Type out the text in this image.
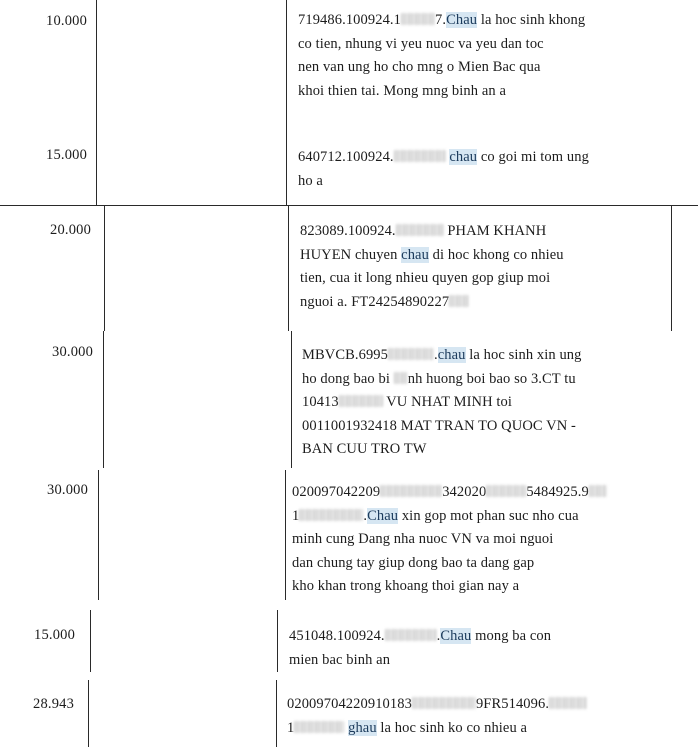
10.000	719486.100924.1 7.Chau la hoc sinh khong
co tien, nhung vi yeu nuoc va yeu dan toc
nen van ung ho cho mng o Mien Bac qua
khoi thien tai. Mong mng binh an a
15.000	640712.100924.	chau co goi mi tom ung
ho a
20.000	823089.100924.	PHAM KHANH
HUYEN chuyen chau di hoc khong co nhieu
tien, cua it long nhieu quyen gop giup moi
nguoi a. FT24254890227
30.000	MBVCB.6995	.chau la hoc sinh xin ung
ho dong bao bi nh huong boi bao so 3.CT tu
10413	VU NHAT MINH toi
0011001932418 MAT TRAN TO QUOC VN -
BAN CUU TRO TW
30.000	020097042209	342020	5484925.9
1	.Chau xin gop mot phan suc nho cua
minh cung Dang nha nuoc VN va moi nguoi
dan chung tay giup dong bao ta dang gap
kho khan trong khoang thoi gian nay a
15.000	451048.100924.	.Chau mong ba con
mien bac binh an
28.943	02009704220910183	9FR514096.
1	ghau la hoc sinh ko co nhieu a
